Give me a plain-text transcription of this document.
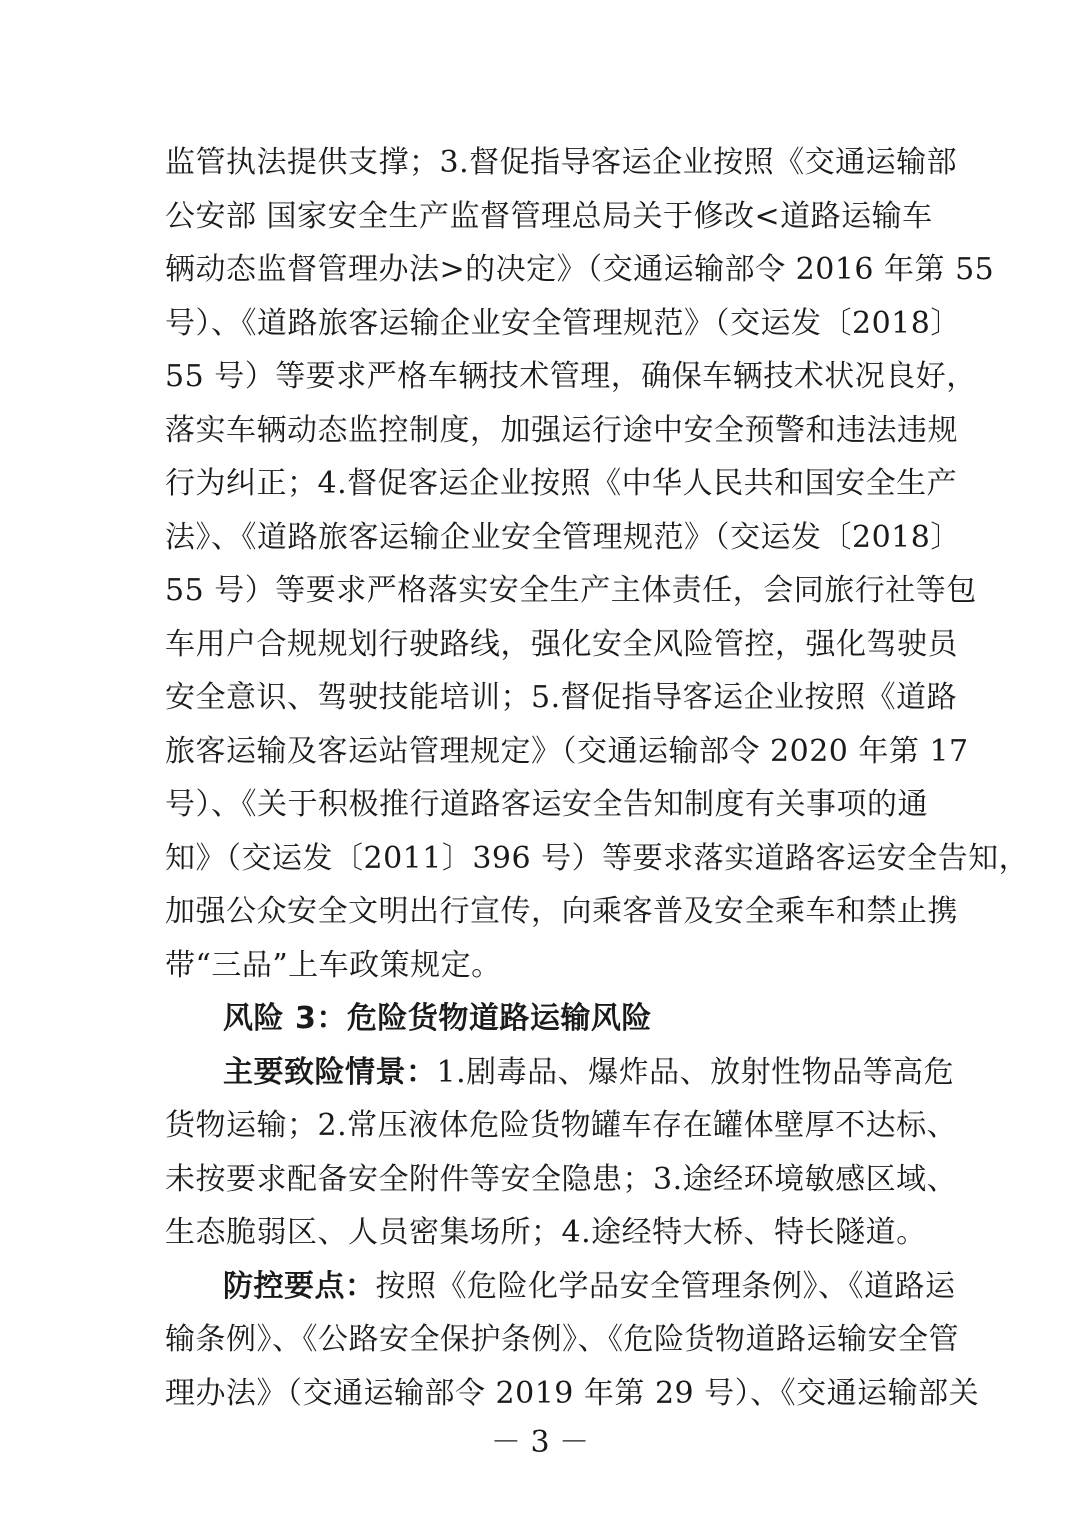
监管执法提供支撑；3.督促指导客运企业按照《交通运输部
公安部 国家安全生产监督管理总局关于修改<道路运输车
辆动态监督管理办法>的决定》（交通运输部令 2016 年第 55
号）、《道路旅客运输企业安全管理规范》（交运发〔2018〕
55 号）等要求严格车辆技术管理，确保车辆技术状况良好，
落实车辆动态监控制度，加强运行途中安全预警和违法违规
行为纠正；4.督促客运企业按照《中华人民共和国安全生产
法》、《道路旅客运输企业安全管理规范》（交运发〔2018〕
55 号）等要求严格落实安全生产主体责任，会同旅行社等包
车用户合规规划行驶路线，强化安全风险管控，强化驾驶员
安全意识、驾驶技能培训；5.督促指导客运企业按照《道路
旅客运输及客运站管理规定》（交通运输部令 2020 年第 17
号）、《关于积极推行道路客运安全告知制度有关事项的通
知》（交运发〔2011〕396 号）等要求落实道路客运安全告知，
加强公众安全文明出行宣传，向乘客普及安全乘车和禁止携
带“三品”上车政策规定。
风险 3：危险货物道路运输风险
主要致险情景：1.剧毒品、爆炸品、放射性物品等高危
货物运输；2.常压液体危险货物罐车存在罐体壁厚不达标、
未按要求配备安全附件等安全隐患；3.途经环境敏感区域、
生态脆弱区、人员密集场所；4.途经特大桥、特长隧道。
防控要点：按照《危险化学品安全管理条例》、《道路运
输条例》、《公路安全保护条例》、《危险货物道路运输安全管
理办法》（交通运输部令 2019 年第 29 号）、《交通运输部关
－ 3 －
